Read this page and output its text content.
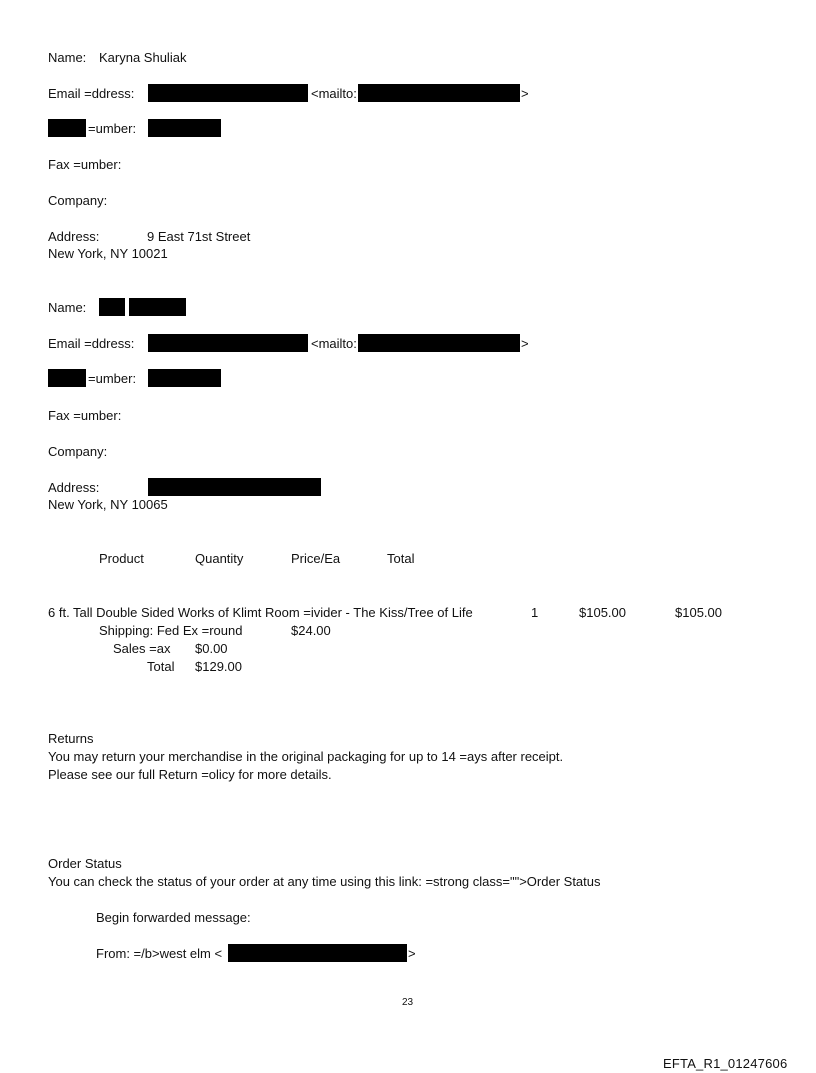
Name: Karyna Shuliak
Email =ddress:	<mailto:	>
=umber:
Fax =umber:
Company:
Address:	9 East 71st Street
New York, NY 10021
Name:
Email =ddress:	<mailto:	>
=umber:
Fax =umber:
Company:
Address:
New York, NY 10065
Product	Quantity	Price/Ea	Total
6 ft. Tall Double Sided Works of Klimt Room =ivider - The Kiss/Tree of Life	1	$105.00	$105.00
Shipping: Fed Ex =round	$24.00
Sales =ax $0.00
Total $129.00
Returns
You may return your merchandise in the original packaging for up to 14 =ays after receipt.
Please see our full Return =olicy for more details.
Order Status
You can check the status of your order at any time using this link: =strong class="">Order Status
Begin forwarded message:
From: =/b>west elm <	>
23
EFTA_R1_01247606
